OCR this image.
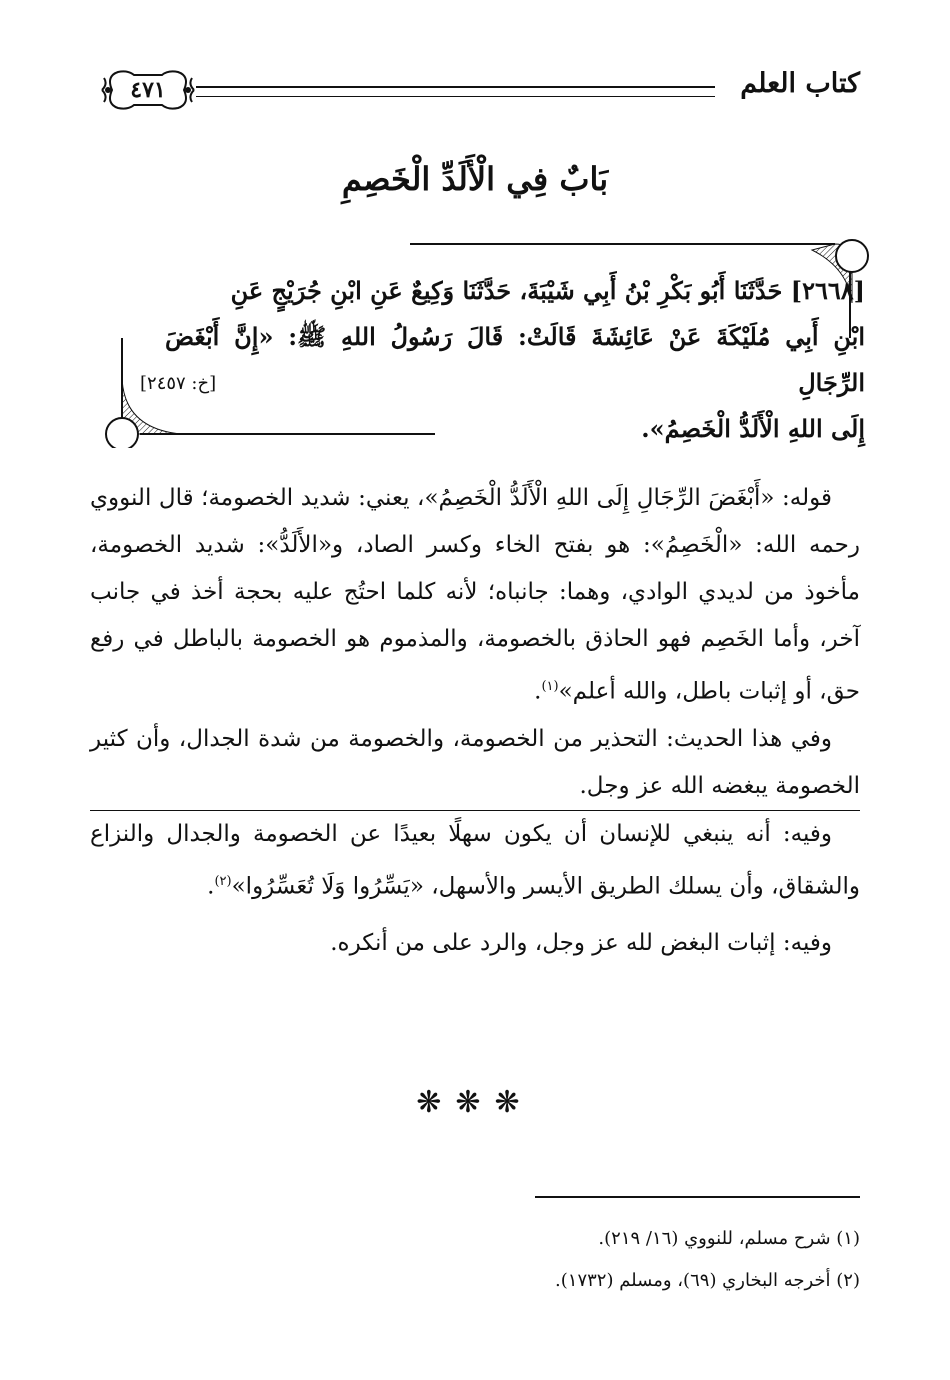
كتاب العلم
٤٧١
بَابٌ فِي الْأَلَدِّ الْخَصِمِ

[٢٦٦٨] حَدَّثَنَا أَبُو بَكْرِ بْنُ أَبِي شَيْبَةَ، حَدَّثَنَا وَكِيعٌ عَنِ ابْنِ جُرَيْجٍ عَنِ

ابْنِ أَبِي مُلَيْكَةَ عَنْ عَائِشَةَ قَالَتْ: قَالَ رَسُولُ اللهِ ﷺ: «إِنَّ أَبْغَضَ الرِّجَالِ

إِلَى اللهِ الْأَلَدُّ الْخَصِمُ».

[خ: ٢٤٥٧]

قوله: «أَبْغَضَ الرِّجَالِ إِلَى اللهِ الْأَلَدُّ الْخَصِمُ»، يعني: شديد الخصومة؛ قال النووي رحمه الله: «الْخَصِمُ»: هو بفتح الخاء وكسر الصاد، و«الأَلَدُّ»: شديد الخصومة، مأخوذ من لديدي الوادي، وهما: جانباه؛ لأنه كلما احتُج عليه بحجة أخذ في جانب آخر، وأما الخَصِم فهو الحاذق بالخصومة، والمذموم هو الخصومة بالباطل في رفع حق، أو إثبات باطل، والله أعلم»$^{(١)}$.

وفي هذا الحديث: التحذير من الخصومة، والخصومة من شدة الجدال، وأن كثير الخصومة يبغضه الله عز وجل.

وفيه: أنه ينبغي للإنسان أن يكون سهلًا بعيدًا عن الخصومة والجدال والنزاع والشقاق، وأن يسلك الطريق الأيسر والأسهل، «يَسِّرُوا وَلَا تُعَسِّرُوا»$^{(٢)}$.

وفيه: إثبات البغض لله عز وجل، والرد على من أنكره.

❋❋❋

(١) شرح مسلم، للنووي (١٦/ ٢١٩).

(٢) أخرجه البخاري (٦٩)، ومسلم (١٧٣٢).
